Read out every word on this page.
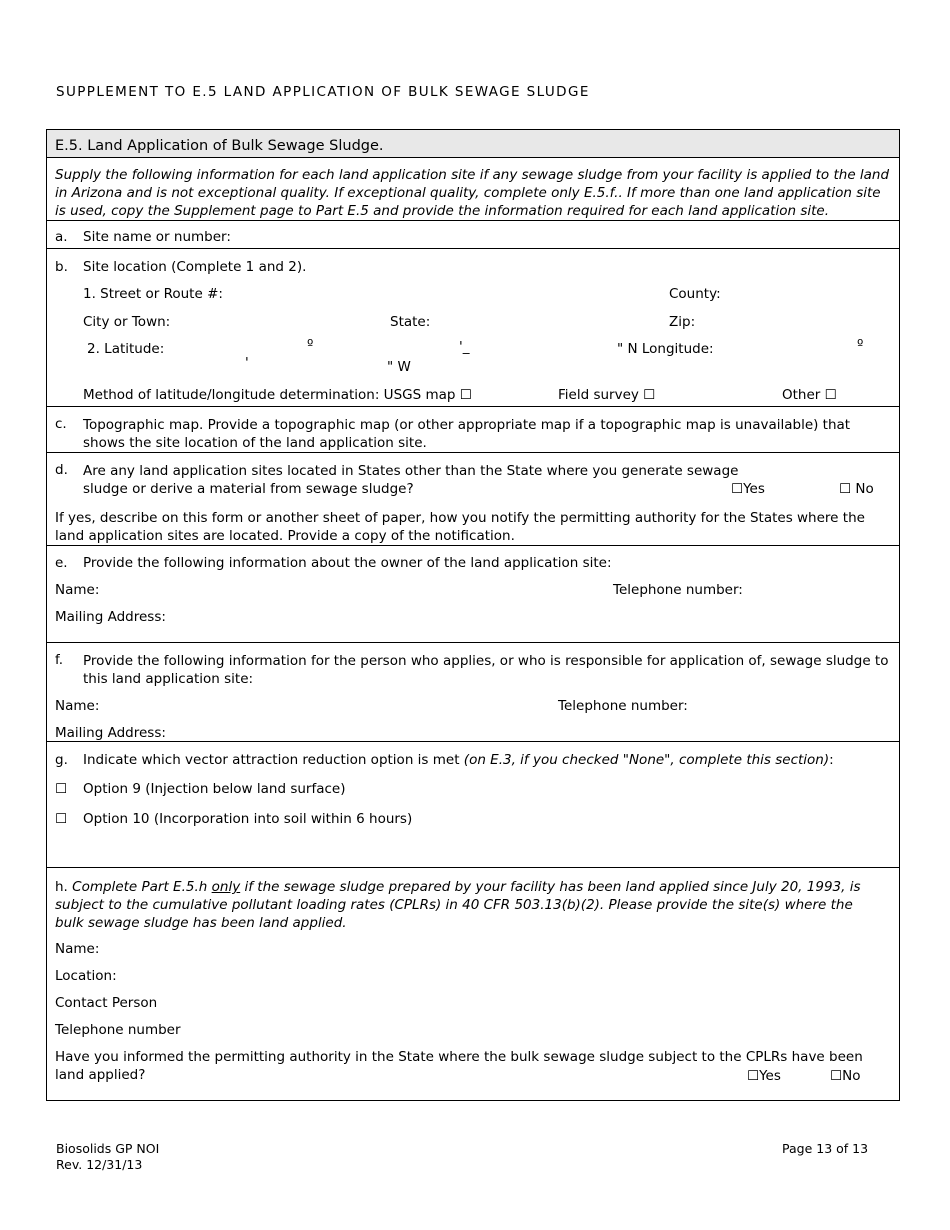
SUPPLEMENT TO E.5 LAND APPLICATION OF BULK SEWAGE SLUDGE
E.5. Land Application of Bulk Sewage Sludge.
Supply the following information for each land application site if any sewage sludge from your facility is applied to the land in Arizona and is not exceptional quality. If exceptional quality, complete only E.5.f.. If more than one land application site is used, copy the Supplement page to Part E.5 and provide the information required for each land application site.
a. Site name or number:
b. Site location (Complete 1 and 2).
1. Street or Route #:	County:
City or Town:	State:	Zip:
2. Latitude:	º	'_	" N Longitude:	º
'	" W
Method of latitude/longitude determination: USGS map ☐	Field survey ☐	Other ☐
c. Topographic map. Provide a topographic map (or other appropriate map if a topographic map is unavailable) that shows the site location of the land application site.
d. Are any land application sites located in States other than the State where you generate sewage sludge or derive a material from sewage sludge?	☐Yes	☐ No
If yes, describe on this form or another sheet of paper, how you notify the permitting authority for the States where the land application sites are located. Provide a copy of the notification.
e. Provide the following information about the owner of the land application site:
Name:	Telephone number:
Mailing Address:
f. Provide the following information for the person who applies, or who is responsible for application of, sewage sludge to this land application site:
Name:	Telephone number:
Mailing Address:
g. Indicate which vector attraction reduction option is met (on E.3, if you checked "None", complete this section):
☐ Option 9 (Injection below land surface)
☐ Option 10 (Incorporation into soil within 6 hours)
h. Complete Part E.5.h only if the sewage sludge prepared by your facility has been land applied since July 20, 1993, is subject to the cumulative pollutant loading rates (CPLRs) in 40 CFR 503.13(b)(2). Please provide the site(s) where the bulk sewage sludge has been land applied.
Name:
Location:
Contact Person
Telephone number
Have you informed the permitting authority in the State where the bulk sewage sludge subject to the CPLRs have been land applied?	☐Yes	☐No
Biosolids GP NOI
Rev. 12/31/13
Page 13 of 13
